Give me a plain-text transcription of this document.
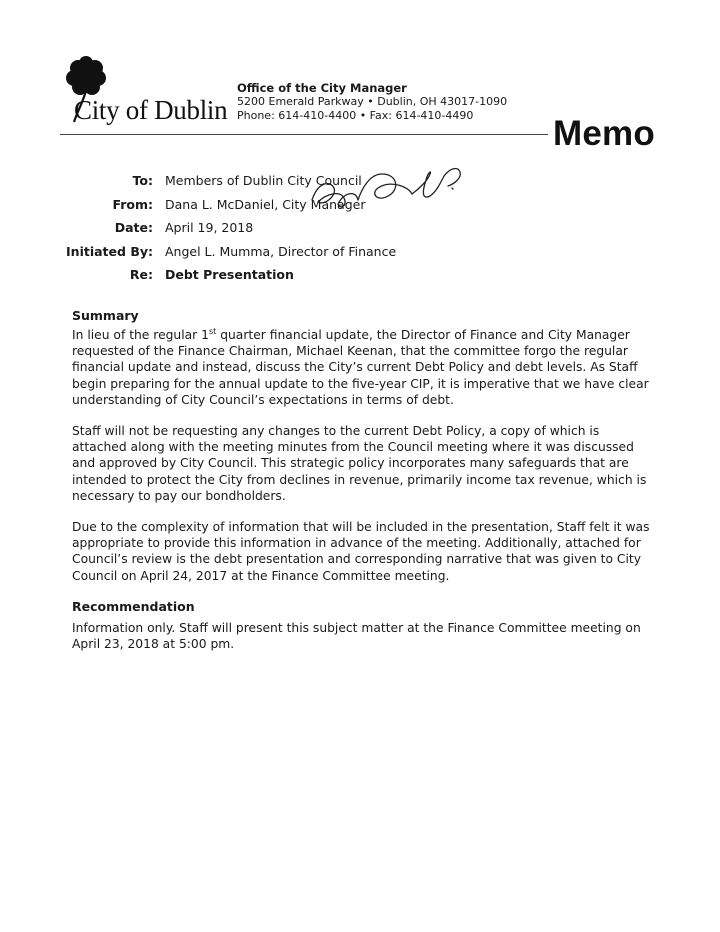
City of Dublin
Office of the City Manager
5200 Emerald Parkway • Dublin, OH 43017-1090
Phone: 614-410-4400 • Fax: 614-410-4490	Memo
To: Members of Dublin City Council
From: Dana L. McDaniel, City Manager
Date: April 19, 2018
Initiated By: Angel L. Mumma, Director of Finance
Re: Debt Presentation
Summary
In lieu of the regular 1st quarter financial update, the Director of Finance and City Manager requested of the Finance Chairman, Michael Keenan, that the committee forgo the regular financial update and instead, discuss the City’s current Debt Policy and debt levels. As Staff begin preparing for the annual update to the five-year CIP, it is imperative that we have clear understanding of City Council’s expectations in terms of debt.
Staff will not be requesting any changes to the current Debt Policy, a copy of which is attached along with the meeting minutes from the Council meeting where it was discussed and approved by City Council. This strategic policy incorporates many safeguards that are intended to protect the City from declines in revenue, primarily income tax revenue, which is necessary to pay our bondholders.
Due to the complexity of information that will be included in the presentation, Staff felt it was appropriate to provide this information in advance of the meeting. Additionally, attached for Council’s review is the debt presentation and corresponding narrative that was given to City Council on April 24, 2017 at the Finance Committee meeting.
Recommendation
Information only. Staff will present this subject matter at the Finance Committee meeting on April 23, 2018 at 5:00 pm.
